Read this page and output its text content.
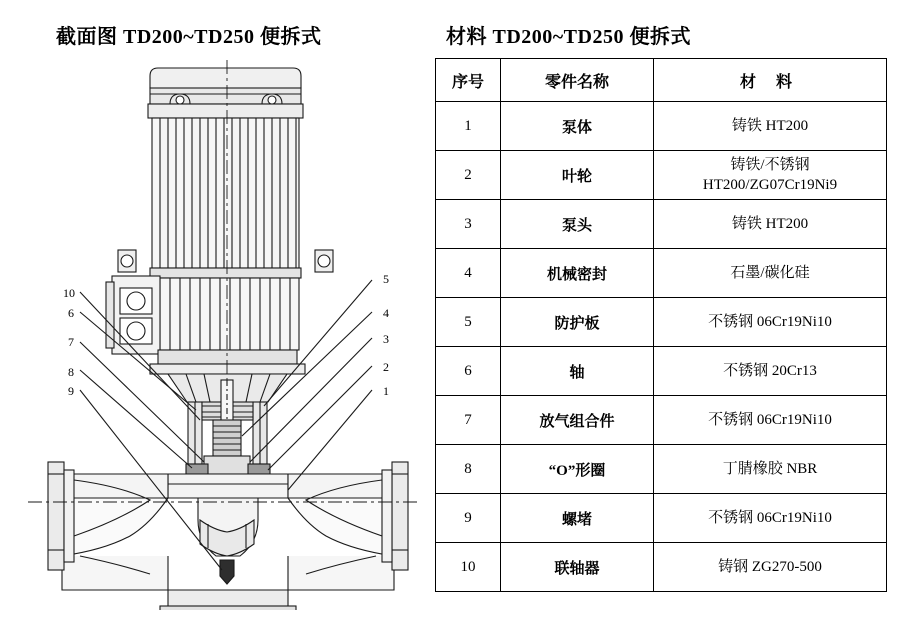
截面图 TD200~TD250 便拆式
10
6
7
8
9
5
4
3
2
1
材料 TD200~TD250 便拆式
序号	零件名称	材 料
1	泵体	铸铁 HT200
2	叶轮	铸铁/不锈钢
HT200/ZG07Cr19Ni9

3	泵头	铸铁 HT200
4	机械密封	石墨/碳化硅
5	防护板	不锈钢 06Cr19Ni10
6	轴	不锈钢 20Cr13
7	放气组合件	不锈钢 06Cr19Ni10
8	“O”形圈	丁腈橡胶 NBR
9	螺堵	不锈钢 06Cr19Ni10
10	联轴器	铸钢 ZG270-500
